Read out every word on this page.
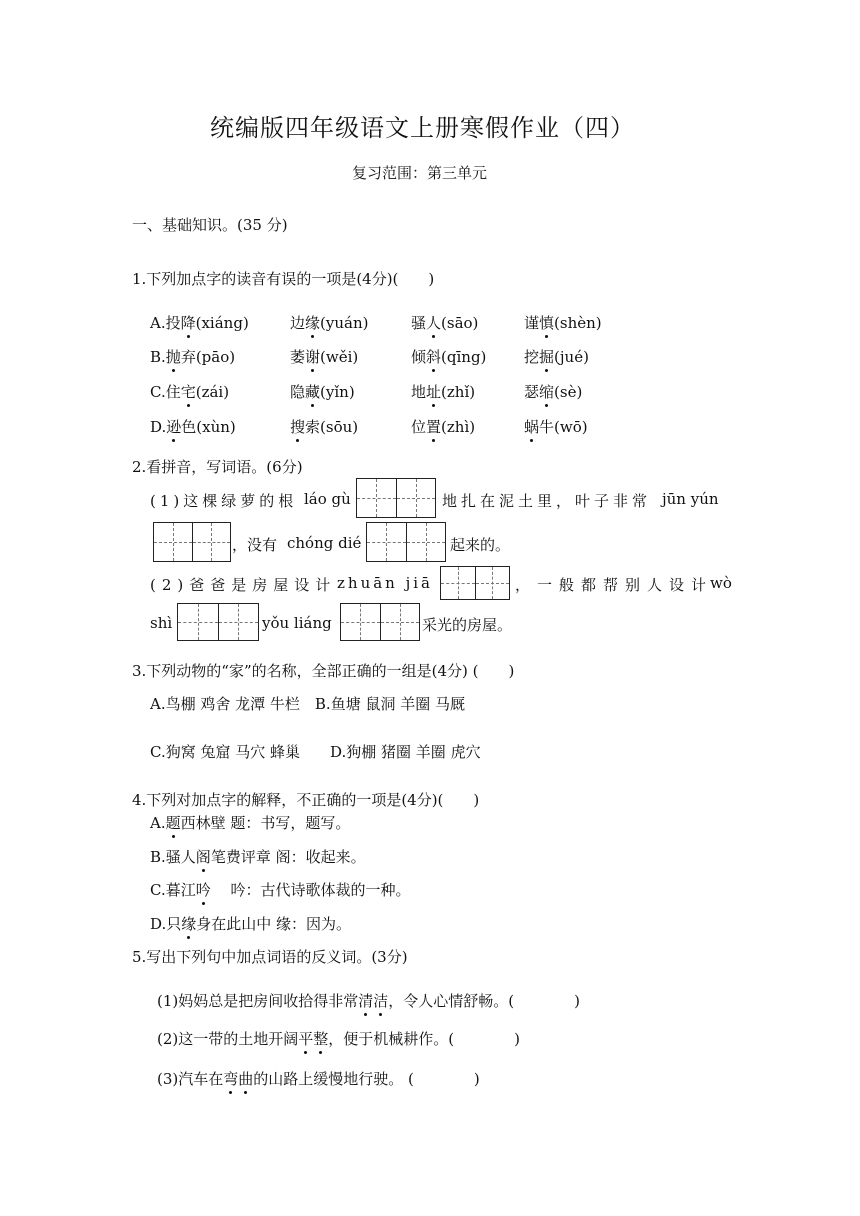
统编版四年级语文上册寒假作业（四）
复习范围：第三单元
一、基础知识。(35 分)
1.下列加点字的读音有误的一项是(4分)(　　)
A.投降(xiáng)	边缘(yuán)	骚人(sāo)	谨慎(shèn)
B.抛弃(pāo)	萎谢(wěi)	倾斜(qīng)	挖掘(jué)
C.住宅(zái)	隐藏(yǐn)	地址(zhǐ)	瑟缩(sè)
D.逊色(xùn)	搜索(sōu)	位置(zhì)	蜗牛(wō)
2.看拼音，写词语。(6分)
(1)这棵绿萝的根 láo gù	地扎在泥土里，叶子非常 jūn yún
，没有 chóng dié	起来的。
(2)爸爸是房屋设计 zhuān jiā	，一般都帮别人设计
wò
shì	yǒu liáng	采光的房屋。
3.下列动物的“家”的名称，全部正确的一组是(4分) (　　)
A.鸟棚 鸡舍 龙潭 牛栏　B.鱼塘 鼠洞 羊圈 马厩
C.狗窝 兔窟 马穴 蜂巢　　D.狗棚 猪圈 羊圈 虎穴
4.下列对加点字的解释，不正确的一项是(4分)(　　)
A.题西林壁 题：书写，题写。
B.骚人阁笔费评章 阁：收起来。
C.暮江吟　 吟：古代诗歌体裁的一种。
D.只缘身在此山中 缘：因为。
5.写出下列句中加点词语的反义词。(3分)
(1)妈妈总是把房间收拾得非常清洁，令人心情舒畅。(　　　　)
(2)这一带的土地开阔平整，便于机械耕作。(　　　　)
(3)汽车在弯曲的山路上缓慢地行驶。 (　　　　)
